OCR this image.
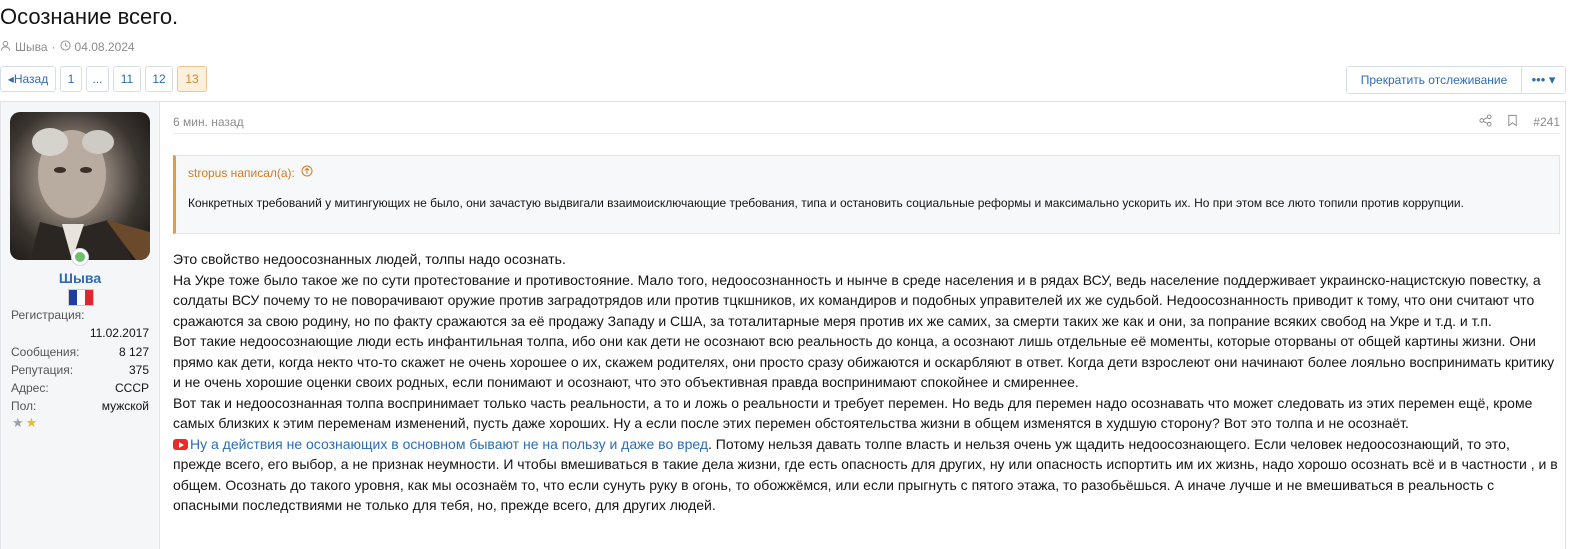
Осознание всего.
Шыва · 04.08.2024
◂Назад	1	...	11	12	13	Прекратить отслеживание	••• ▾
Шыва
Регистрация:
11.02.2017
Сообщения:	8 127
Репутация:	375
Адрес:	СССР
Пол:	мужской
★★
6 мин. назад	#241
stropus написал(а):
Конкретных требований у митингующих не было, они зачастую выдвигали взаимоисключающие требования, типа и остановить социальные реформы и максимально ускорить их. Но при этом все люто топили против коррупции.

Это свойство недоосознанных людей, толпы надо осознать.

На Укре тоже было такое же по сути протестование и противостояние. Мало того, недоосознанность и нынче в среде населения и в рядах ВСУ, ведь население поддерживает украинско-нацистскую повестку, а солдаты ВСУ почему то не поворачивают оружие против заградотрядов или против тцкшников, их командиров и подобных управителей их же судьбой. Недоосознанность приводит к тому, что они считают что сражаются за свою родину, но по факту сражаются за её продажу Западу и США, за тоталитарные меря против их же самих, за смерти таких же как и они, за попрание всяких свобод на Укре и т.д. и т.п.

Вот такие недоосознающие люди есть инфантильная толпа, ибо они как дети не осознают всю реальность до конца, а осознают лишь отдельные её моменты, которые оторваны от общей картины жизни. Они прямо как дети, когда некто что-то скажет не очень хорошее о их, скажем родителях, они просто сразу обижаются и оскарбляют в ответ. Когда дети взрослеют они начинают более лояльно воспринимать критику и не очень хорошие оценки своих родных, если понимают и осознают, что это объективная правда воспринимают спокойнее и смиреннее.

Вот так и недоосознанная толпа воспринимает только часть реальности, а то и ложь о реальности и требует перемен. Но ведь для перемен надо осознавать что может следовать из этих перемен ещё, кроме самых близких к этим переменам изменений, пусть даже хороших. Ну а если после этих перемен обстоятельства жизни в общем изменятся в худшую сторону? Вот это толпа и не осознаёт.

Ну а действия не осознающих в основном бывают не на пользу и даже во вред. Потому нельзя давать толпе власть и нельзя очень уж щадить недоосознающего. Если человек недоосознающий, то это, прежде всего, его выбор, а не признак неумности. И чтобы вмешиваться в такие дела жизни, где есть опасность для других, ну или опасность испортить им их жизнь, надо хорошо осознать всё и в частности , и в общем. Осознать до такого уровня, как мы осознаём то, что если сунуть руку в огонь, то обожжёмся, или если прыгнуть с пятого этажа, то разобьёшься. А иначе лучше и не вмешиваться в реальность с опасными последствиями не только для тебя, но, прежде всего, для других людей.
